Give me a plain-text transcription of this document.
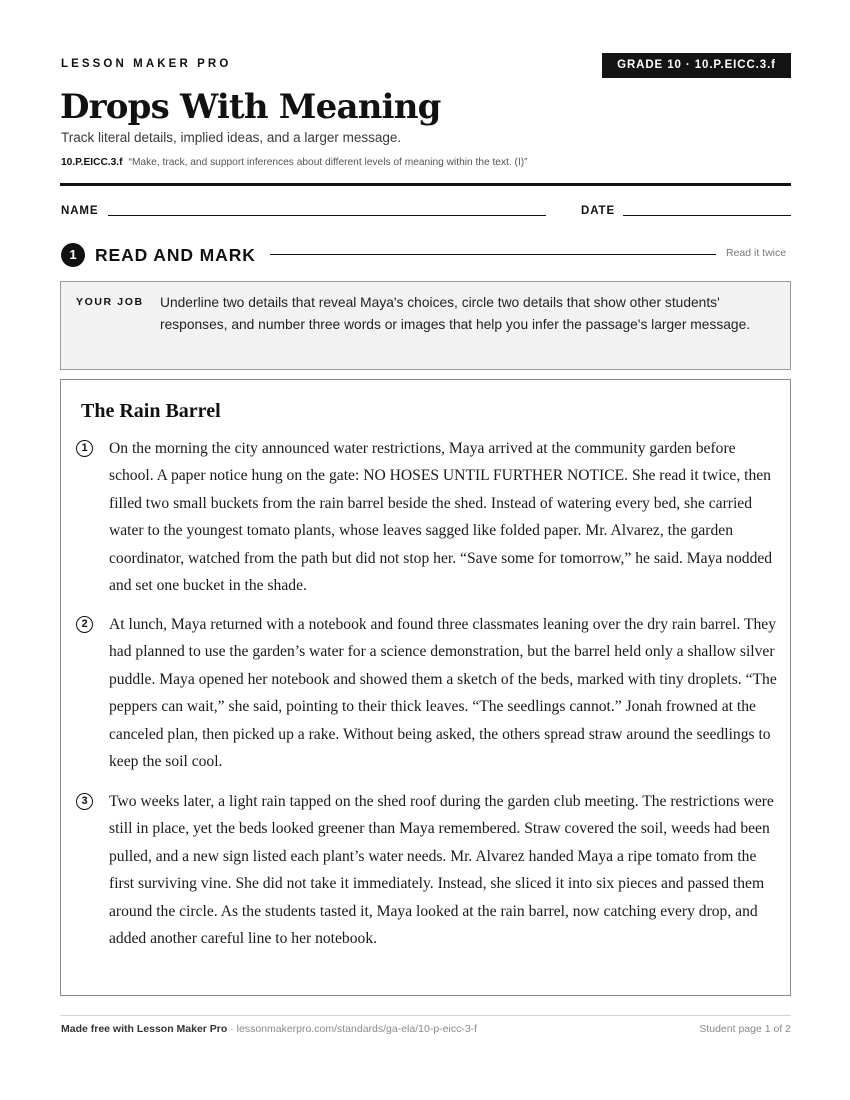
LESSON MAKER PRO	GRADE 10 · 10.P.EICC.3.f
Drops With Meaning
Track literal details, implied ideas, and a larger message.
10.P.EICC.3.f “Make, track, and support inferences about different levels of meaning within the text. (I)”
NAME	DATE
1	READ AND MARK	Read it twice
YOUR JOB Underline two details that reveal Maya's choices, circle two details that show other students' responses, and number three words or images that help you infer the passage's larger message.
The Rain Barrel
1	On the morning the city announced water restrictions, Maya arrived at the community garden before school. A paper notice hung on the gate: NO HOSES UNTIL FURTHER NOTICE. She read it twice, then filled two small buckets from the rain barrel beside the shed. Instead of watering every bed, she carried water to the youngest tomato plants, whose leaves sagged like folded paper. Mr. Alvarez, the garden coordinator, watched from the path but did not stop her. “Save some for tomorrow,” he said. Maya nodded and set one bucket in the shade.

2	At lunch, Maya returned with a notebook and found three classmates leaning over the dry rain barrel. They had planned to use the garden’s water for a science demonstration, but the barrel held only a shallow silver puddle. Maya opened her notebook and showed them a sketch of the beds, marked with tiny droplets. “The peppers can wait,” she said, pointing to their thick leaves. “The seedlings cannot.” Jonah frowned at the canceled plan, then picked up a rake. Without being asked, the others spread straw around the seedlings to keep the soil cool.

3	Two weeks later, a light rain tapped on the shed roof during the garden club meeting. The restrictions were still in place, yet the beds looked greener than Maya remembered. Straw covered the soil, weeds had been pulled, and a new sign listed each plant’s water needs. Mr. Alvarez handed Maya a ripe tomato from the first surviving vine. She did not take it immediately. Instead, she sliced it into six pieces and passed them around the circle. As the students tasted it, Maya looked at the rain barrel, now catching every drop, and added another careful line to her notebook.

Made free with Lesson Maker Pro · lessonmakerpro.com/standards/ga-ela/10-p-eicc-3-f	Student page 1 of 2
